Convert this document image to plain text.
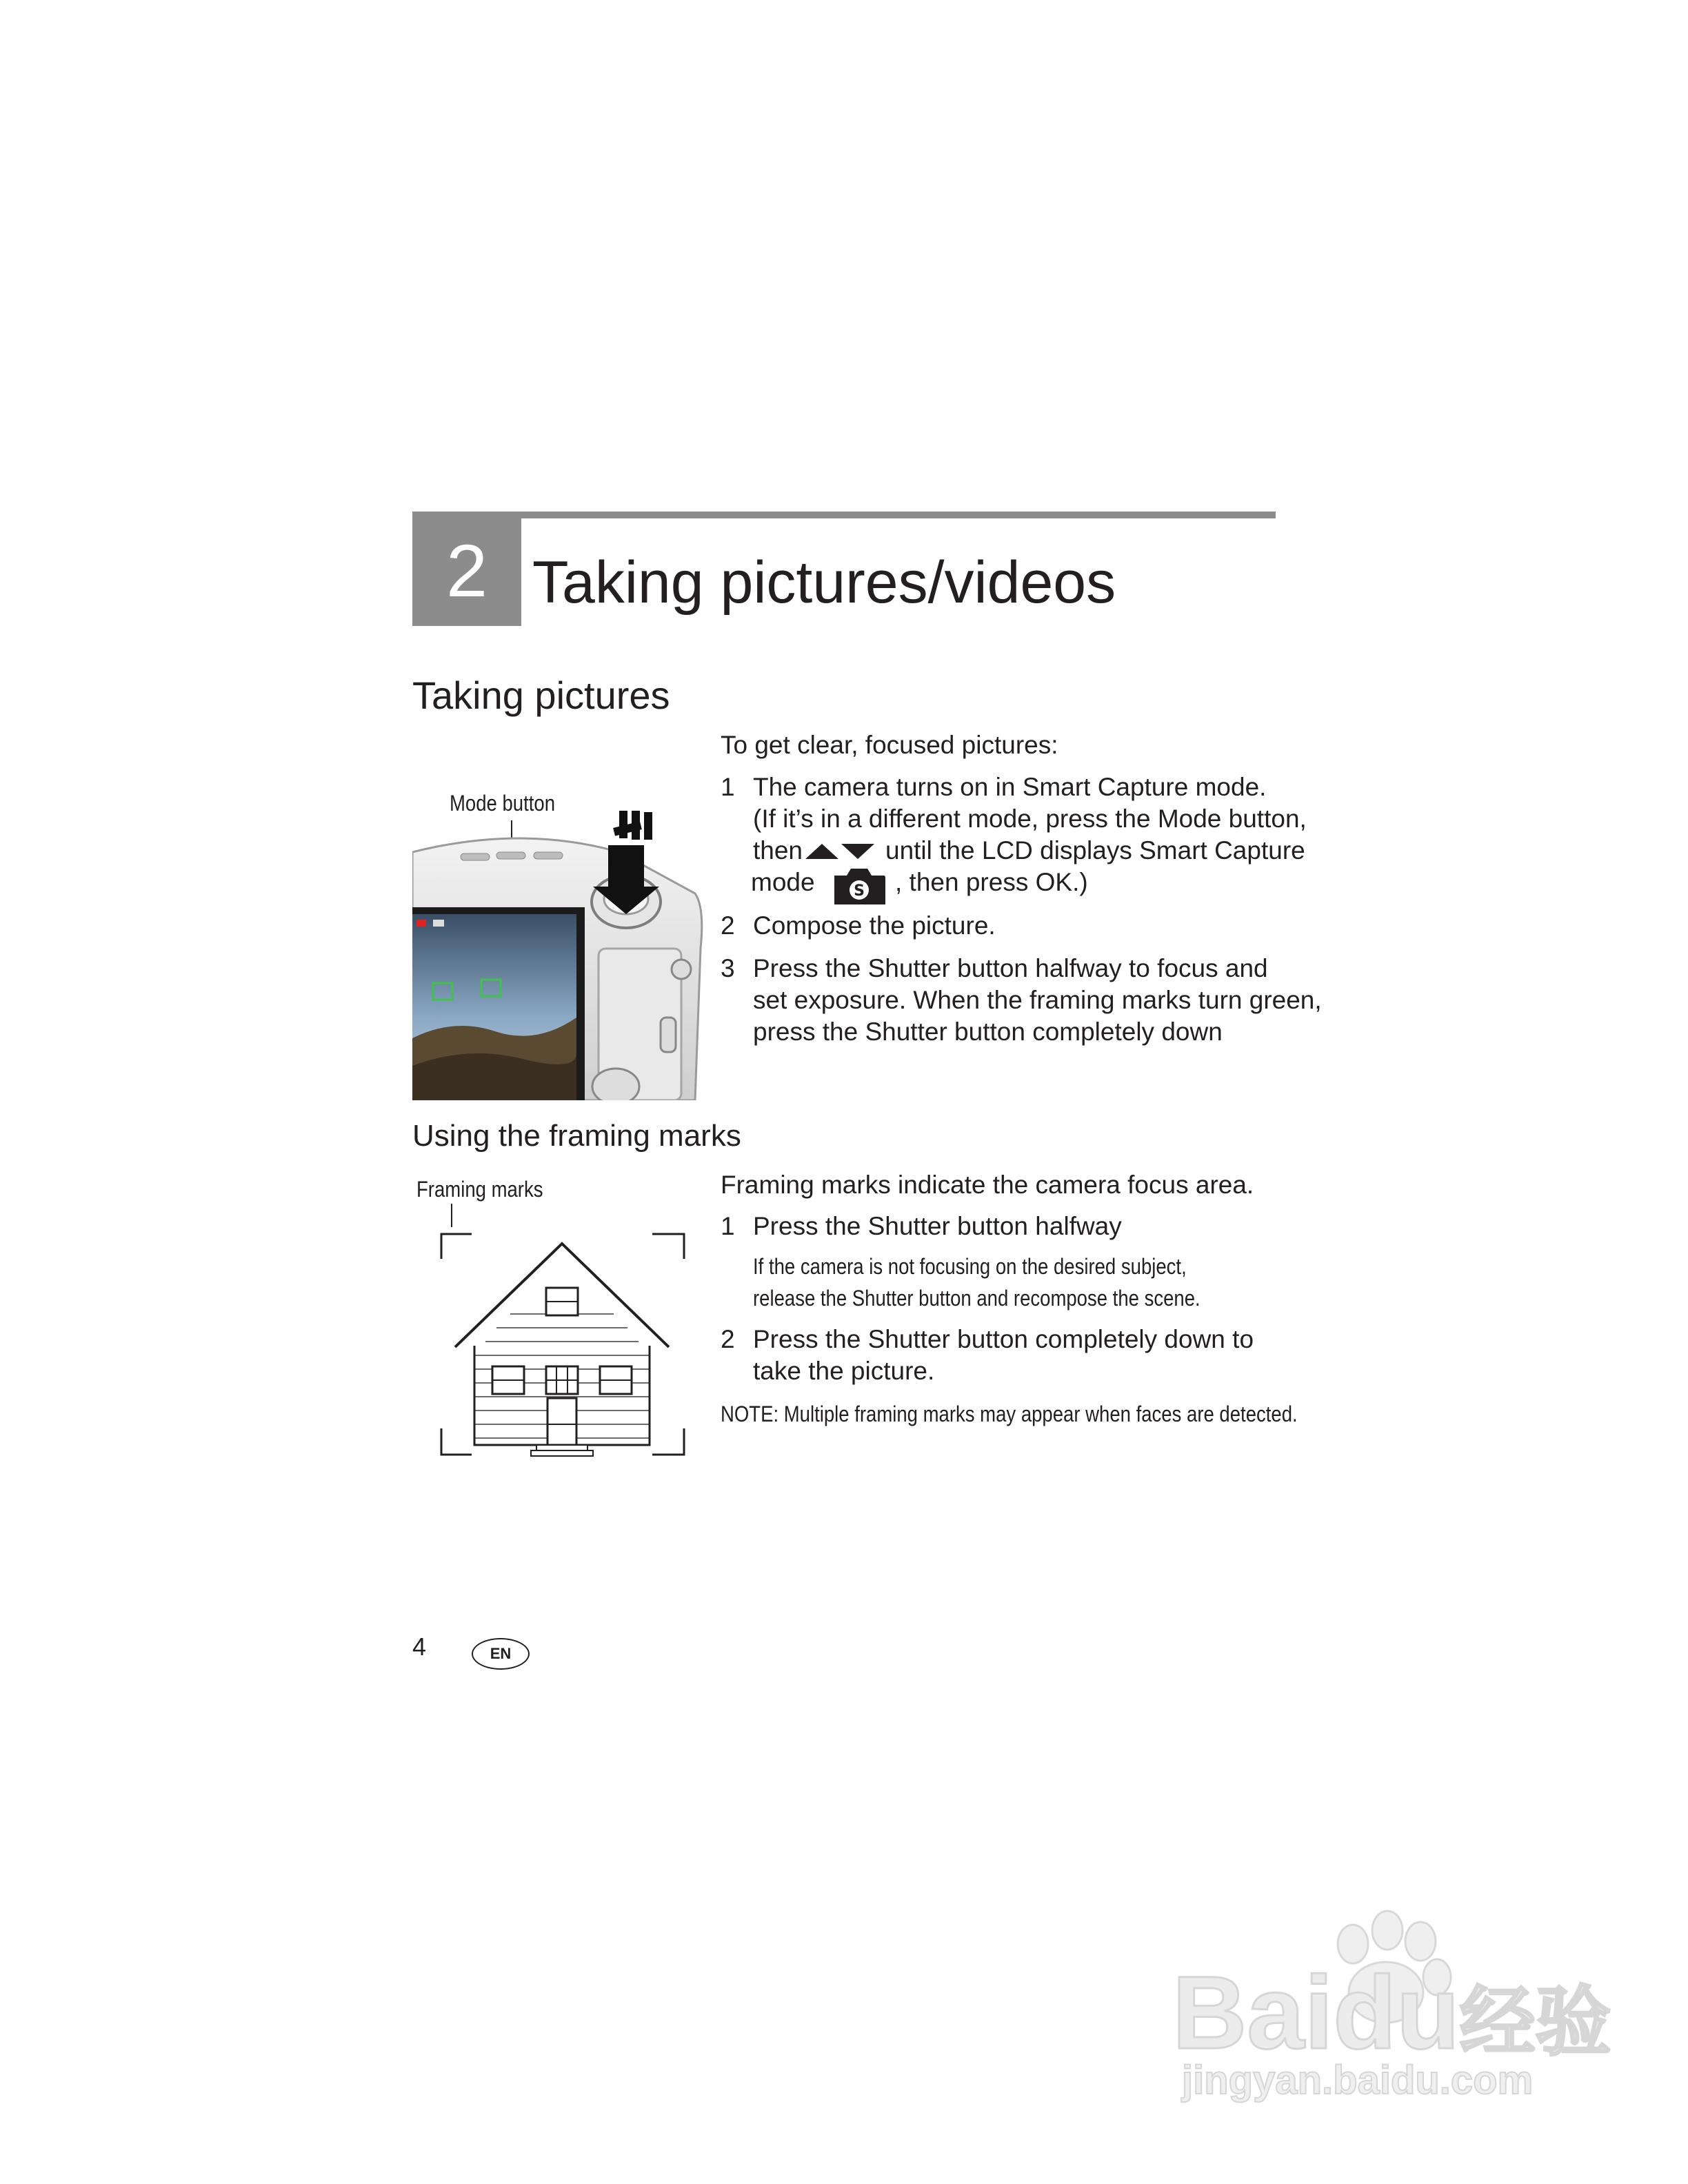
2 Taking pictures/videos
Taking pictures
Mode button
To get clear, focused pictures:
1 The camera turns on in Smart Capture mode.
(If it’s in a different mode, press the Mode button,
then	until the LCD displays Smart Capture
mode	S , then press OK.)
2 Compose the picture.
3 Press the Shutter button halfway to focus and
set exposure. When the framing marks turn green,
press the Shutter button completely down
Using the framing marks
Framing marks	Framing marks indicate the camera focus area.
1 Press the Shutter button halfway
If the camera is not focusing on the desired subject,
release the Shutter button and recompose the scene.
2 Press the Shutter button completely down to
take the picture.
NOTE: Multiple framing marks may appear when faces are detected.
4	EN
Baidu经验
jingyan.baidu.com
